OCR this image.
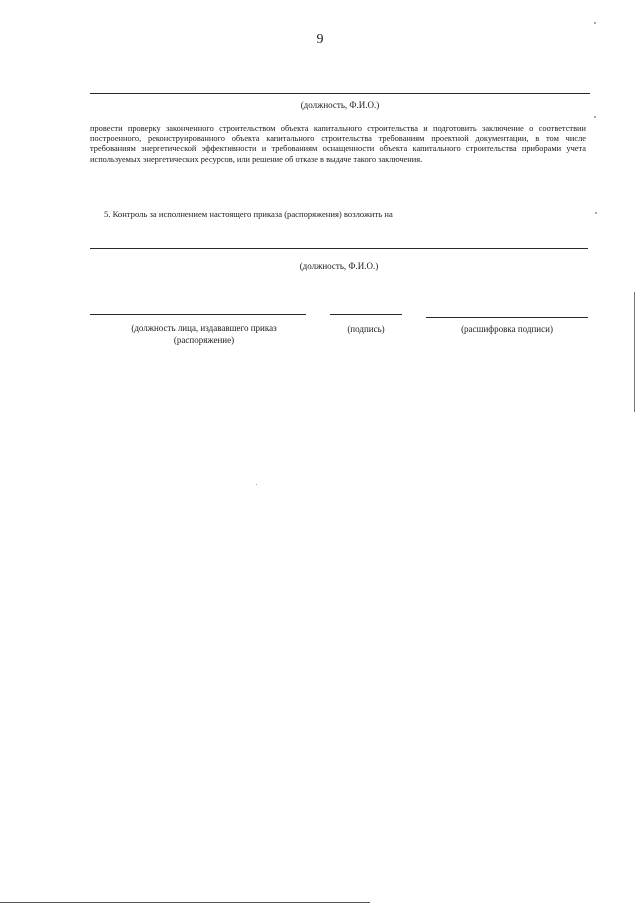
9
(должность, Ф.И.О.)
провести проверку законченного строительством объекта капитального строительства и подготовить заключение о соответствии построенного, реконструированного объекта капитального строительства требованиям проектной документации, в том числе требованиям энергетической эффективности и требованиям оснащенности объекта капитального строительства приборами учета используемых энергетических ресурсов, или решение об отказе в выдаче такого заключения.
5. Контроль за исполнением настоящего приказа (распоряжения) возложить на
(должность, Ф.И.О.)
(должность лица, издававшего приказ
(распоряжение)
(подпись)	(расшифровка подписи)
